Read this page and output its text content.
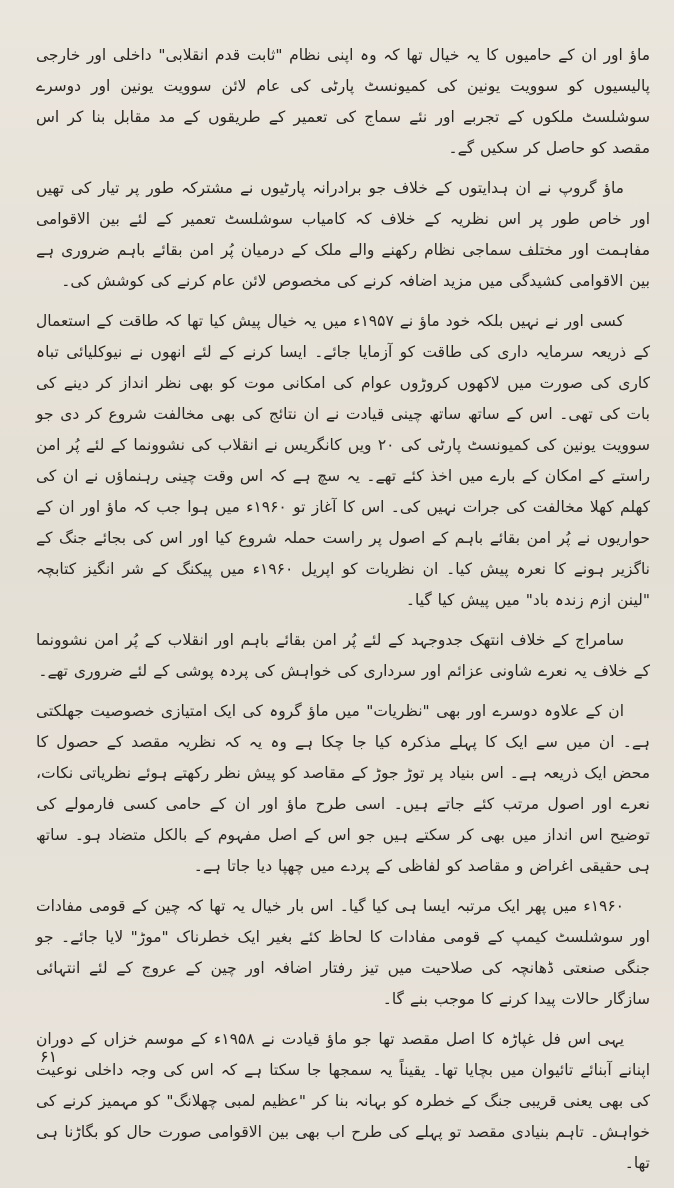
ماؤ اور ان کے حامیوں کا یہ خیال تھا کہ وہ اپنی نظام "ثابت قدم انقلابی" داخلی اور خارجی پالیسیوں کو سوویت یونین کی کمیونسٹ پارٹی کی عام لائن سوویت یونین اور دوسرے سوشلسٹ ملکوں کے تجربے اور نئے سماج کی تعمیر کے طریقوں کے مد مقابل بنا کر اس مقصد کو حاصل کر سکیں گے۔

ماؤ گروپ نے ان ہدایتوں کے خلاف جو برادرانہ پارٹیوں نے مشترکہ طور پر تیار کی تھیں اور خاص طور پر اس نظریہ کے خلاف کہ کامیاب سوشلسٹ تعمیر کے لئے بین الاقوامی مفاہمت اور مختلف سماجی نظام رکھنے والے ملک کے درمیان پُر امن بقائے باہم ضروری ہے بین الاقوامی کشیدگی میں مزید اضافہ کرنے کی مخصوص لائن عام کرنے کی کوشش کی۔

کسی اور نے نہیں بلکہ خود ماؤ نے ۱۹۵۷ء میں یہ خیال پیش کیا تھا کہ طاقت کے استعمال کے ذریعہ سرمایہ داری کی طاقت کو آزمایا جائے۔ ایسا کرنے کے لئے انھوں نے نیوکلیائی تباہ کاری کی صورت میں لاکھوں کروڑوں عوام کی امکانی موت کو بھی نظر انداز کر دینے کی بات کی تھی۔ اس کے ساتھ ساتھ چینی قیادت نے ان نتائج کی بھی مخالفت شروع کر دی جو سوویت یونین کی کمیونسٹ پارٹی کی ۲۰ ویں کانگریس نے انقلاب کی نشوونما کے لئے پُر امن راستے کے امکان کے بارے میں اخذ کئے تھے۔ یہ سچ ہے کہ اس وقت چینی رہنماؤں نے ان کی کھلم کھلا مخالفت کی جرات نہیں کی۔ اس کا آغاز تو ۱۹۶۰ء میں ہوا جب کہ ماؤ اور ان کے حواریوں نے پُر امن بقائے باہم کے اصول پر راست حملہ شروع کیا اور اس کی بجائے جنگ کے ناگزیر ہونے کا نعرہ پیش کیا۔ ان نظریات کو اپریل ۱۹۶۰ء میں پیکنگ کے شر انگیز کتابچہ "لینن ازم زندہ باد" میں پیش کیا گیا۔

سامراج کے خلاف انتھک جدوجہد کے لئے پُر امن بقائے باہم اور انقلاب کے پُر امن نشوونما کے خلاف یہ نعرے شاونی عزائم اور سرداری کی خواہش کی پردہ پوشی کے لئے ضروری تھے۔

ان کے علاوہ دوسرے اور بھی "نظریات" میں ماؤ گروہ کی ایک امتیازی خصوصیت جھلکتی ہے۔ ان میں سے ایک کا پہلے مذکرہ کیا جا چکا ہے وہ یہ کہ نظریہ مقصد کے حصول کا محض ایک ذریعہ ہے۔ اس بنیاد پر توڑ جوڑ کے مقاصد کو پیش نظر رکھتے ہوئے نظریاتی نکات، نعرے اور اصول مرتب کئے جاتے ہیں۔ اسی طرح ماؤ اور ان کے حامی کسی فارمولے کی توضیح اس انداز میں بھی کر سکتے ہیں جو اس کے اصل مفہوم کے بالکل متضاد ہو۔ ساتھ ہی حقیقی اغراض و مقاصد کو لفاظی کے پردے میں چھپا دیا جاتا ہے۔

۱۹۶۰ء میں پھر ایک مرتبہ ایسا ہی کیا گیا۔ اس بار خیال یہ تھا کہ چین کے قومی مفادات اور سوشلسٹ کیمپ کے قومی مفادات کا لحاظ کئے بغیر ایک خطرناک "موڑ" لایا جائے۔ جو جنگی صنعتی ڈھانچہ کی صلاحیت میں تیز رفتار اضافہ اور چین کے عروج کے لئے انتہائی سازگار حالات پیدا کرنے کا موجب بنے گا۔

یہی اس فل غپاڑہ کا اصل مقصد تھا جو ماؤ قیادت نے ۱۹۵۸ء کے موسم خزاں کے دوران اپنانے آبنائے تائیوان میں بچایا تھا۔ یقیناً یہ سمجھا جا سکتا ہے کہ اس کی وجہ داخلی نوعیت کی بھی یعنی قریبی جنگ کے خطرہ کو بہانہ بنا کر "عظیم لمبی چھلانگ" کو مہمیز کرنے کی خواہش۔ تاہم بنیادی مقصد تو پہلے کی طرح اب بھی بین الاقوامی صورت حال کو بگاڑنا ہی تھا۔

۶۱
